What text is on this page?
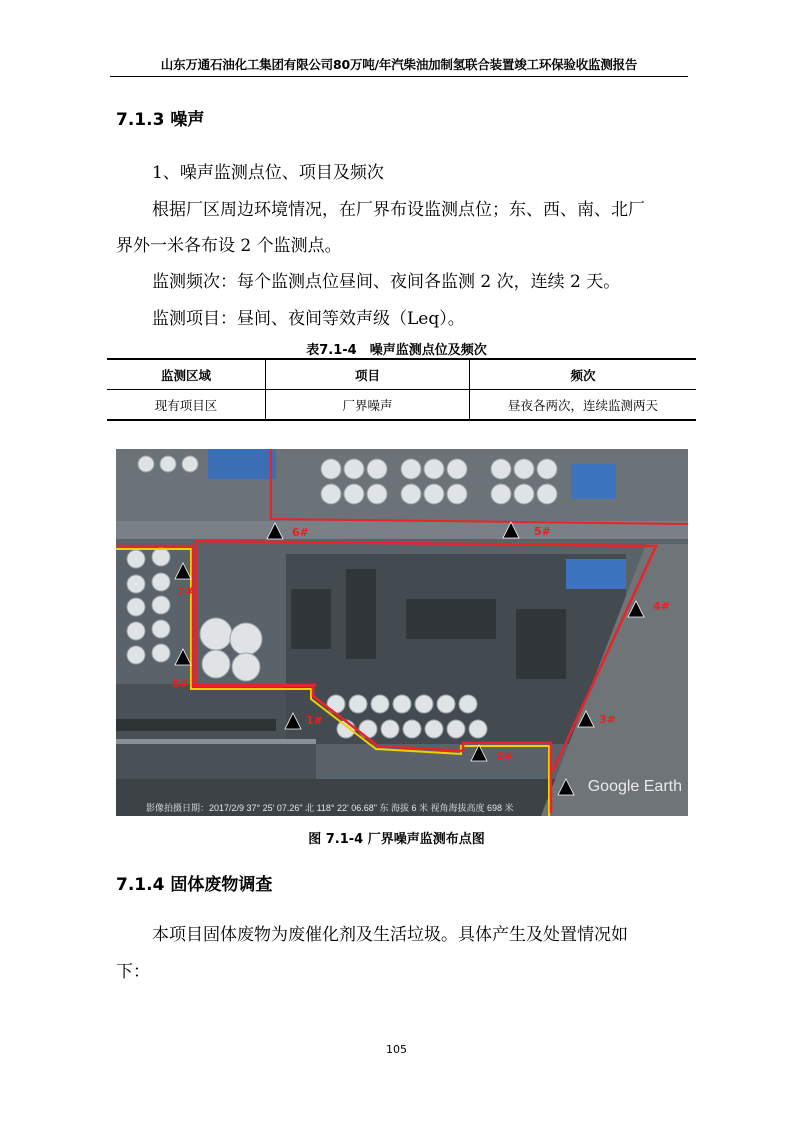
山东万通石油化工集团有限公司80万吨/年汽柴油加制氢联合装置竣工环保验收监测报告
7.1.3 噪声
1、噪声监测点位、项目及频次
根据厂区周边环境情况，在厂界布设监测点位；东、西、南、北厂
界外一米各布设 2 个监测点。
监测频次：每个监测点位昼间、夜间各监测 2 次，连续 2 天。
监测项目：昼间、夜间等效声级（Leq）。
表7.1-4　噪声监测点位及频次
监测区域	项目	频次
现有项目区	厂界噪声	昼夜各两次，连续监测两天
1#
2#
3#
4#
5#
6#
7#
8#
Google Earth
影像拍摄日期：2017/2/9 37° 25' 07.26" 北 118° 22' 06.68" 东 海拔 6 米 视角海拔高度 698 米
图 7.1-4 厂界噪声监测布点图
7.1.4 固体废物调查
本项目固体废物为废催化剂及生活垃圾。具体产生及处置情况如
下：
105
